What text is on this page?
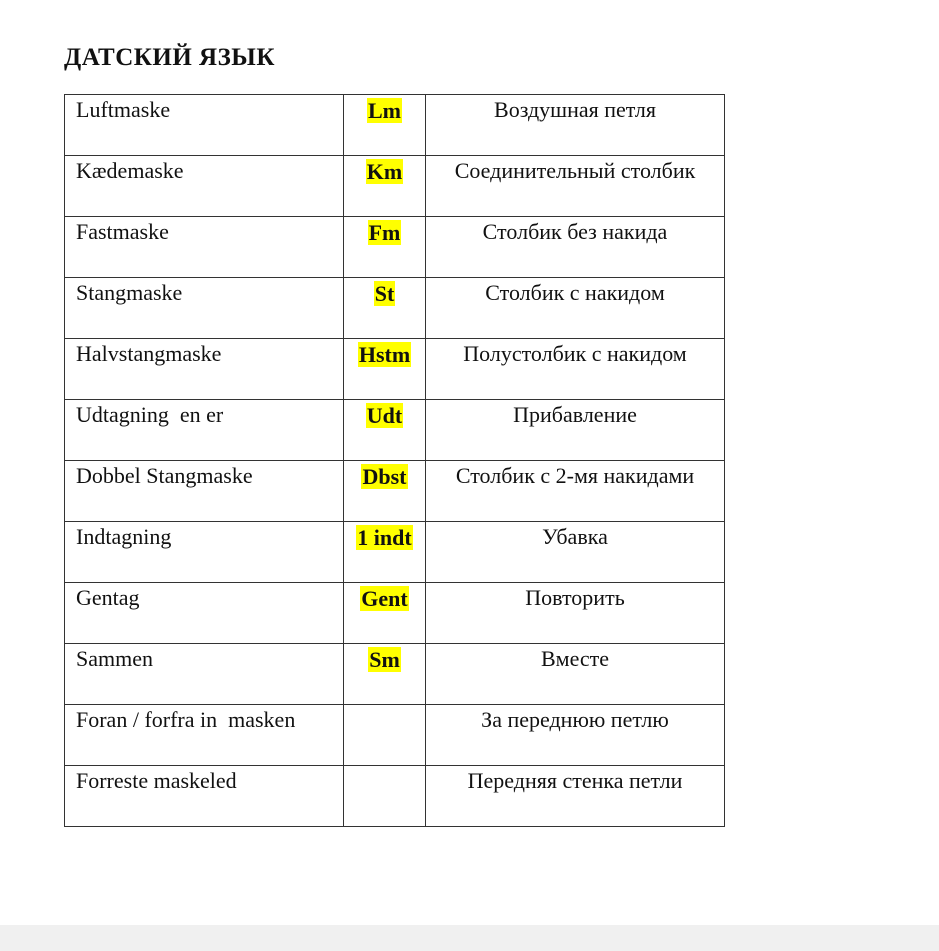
ДАТСКИЙ ЯЗЫК
Luftmaske	Lm	Воздушная петля
Kædemaske	Km	Соединительный столбик
Fastmaske	Fm	Столбик без накида
Stangmaske	St	Столбик с накидом
Halvstangmaske	Hstm	Полустолбик с накидом
Udtagning  en er	Udt	Прибавление
Dobbel Stangmaske	Dbst	Столбик с 2-мя накидами
Indtagning	1 indt	Убавка
Gentag	Gent	Повторить
Sammen	Sm	Вместе
Foran / forfra in  masken		За переднюю петлю
Forreste maskeled		Передняя стенка петли
